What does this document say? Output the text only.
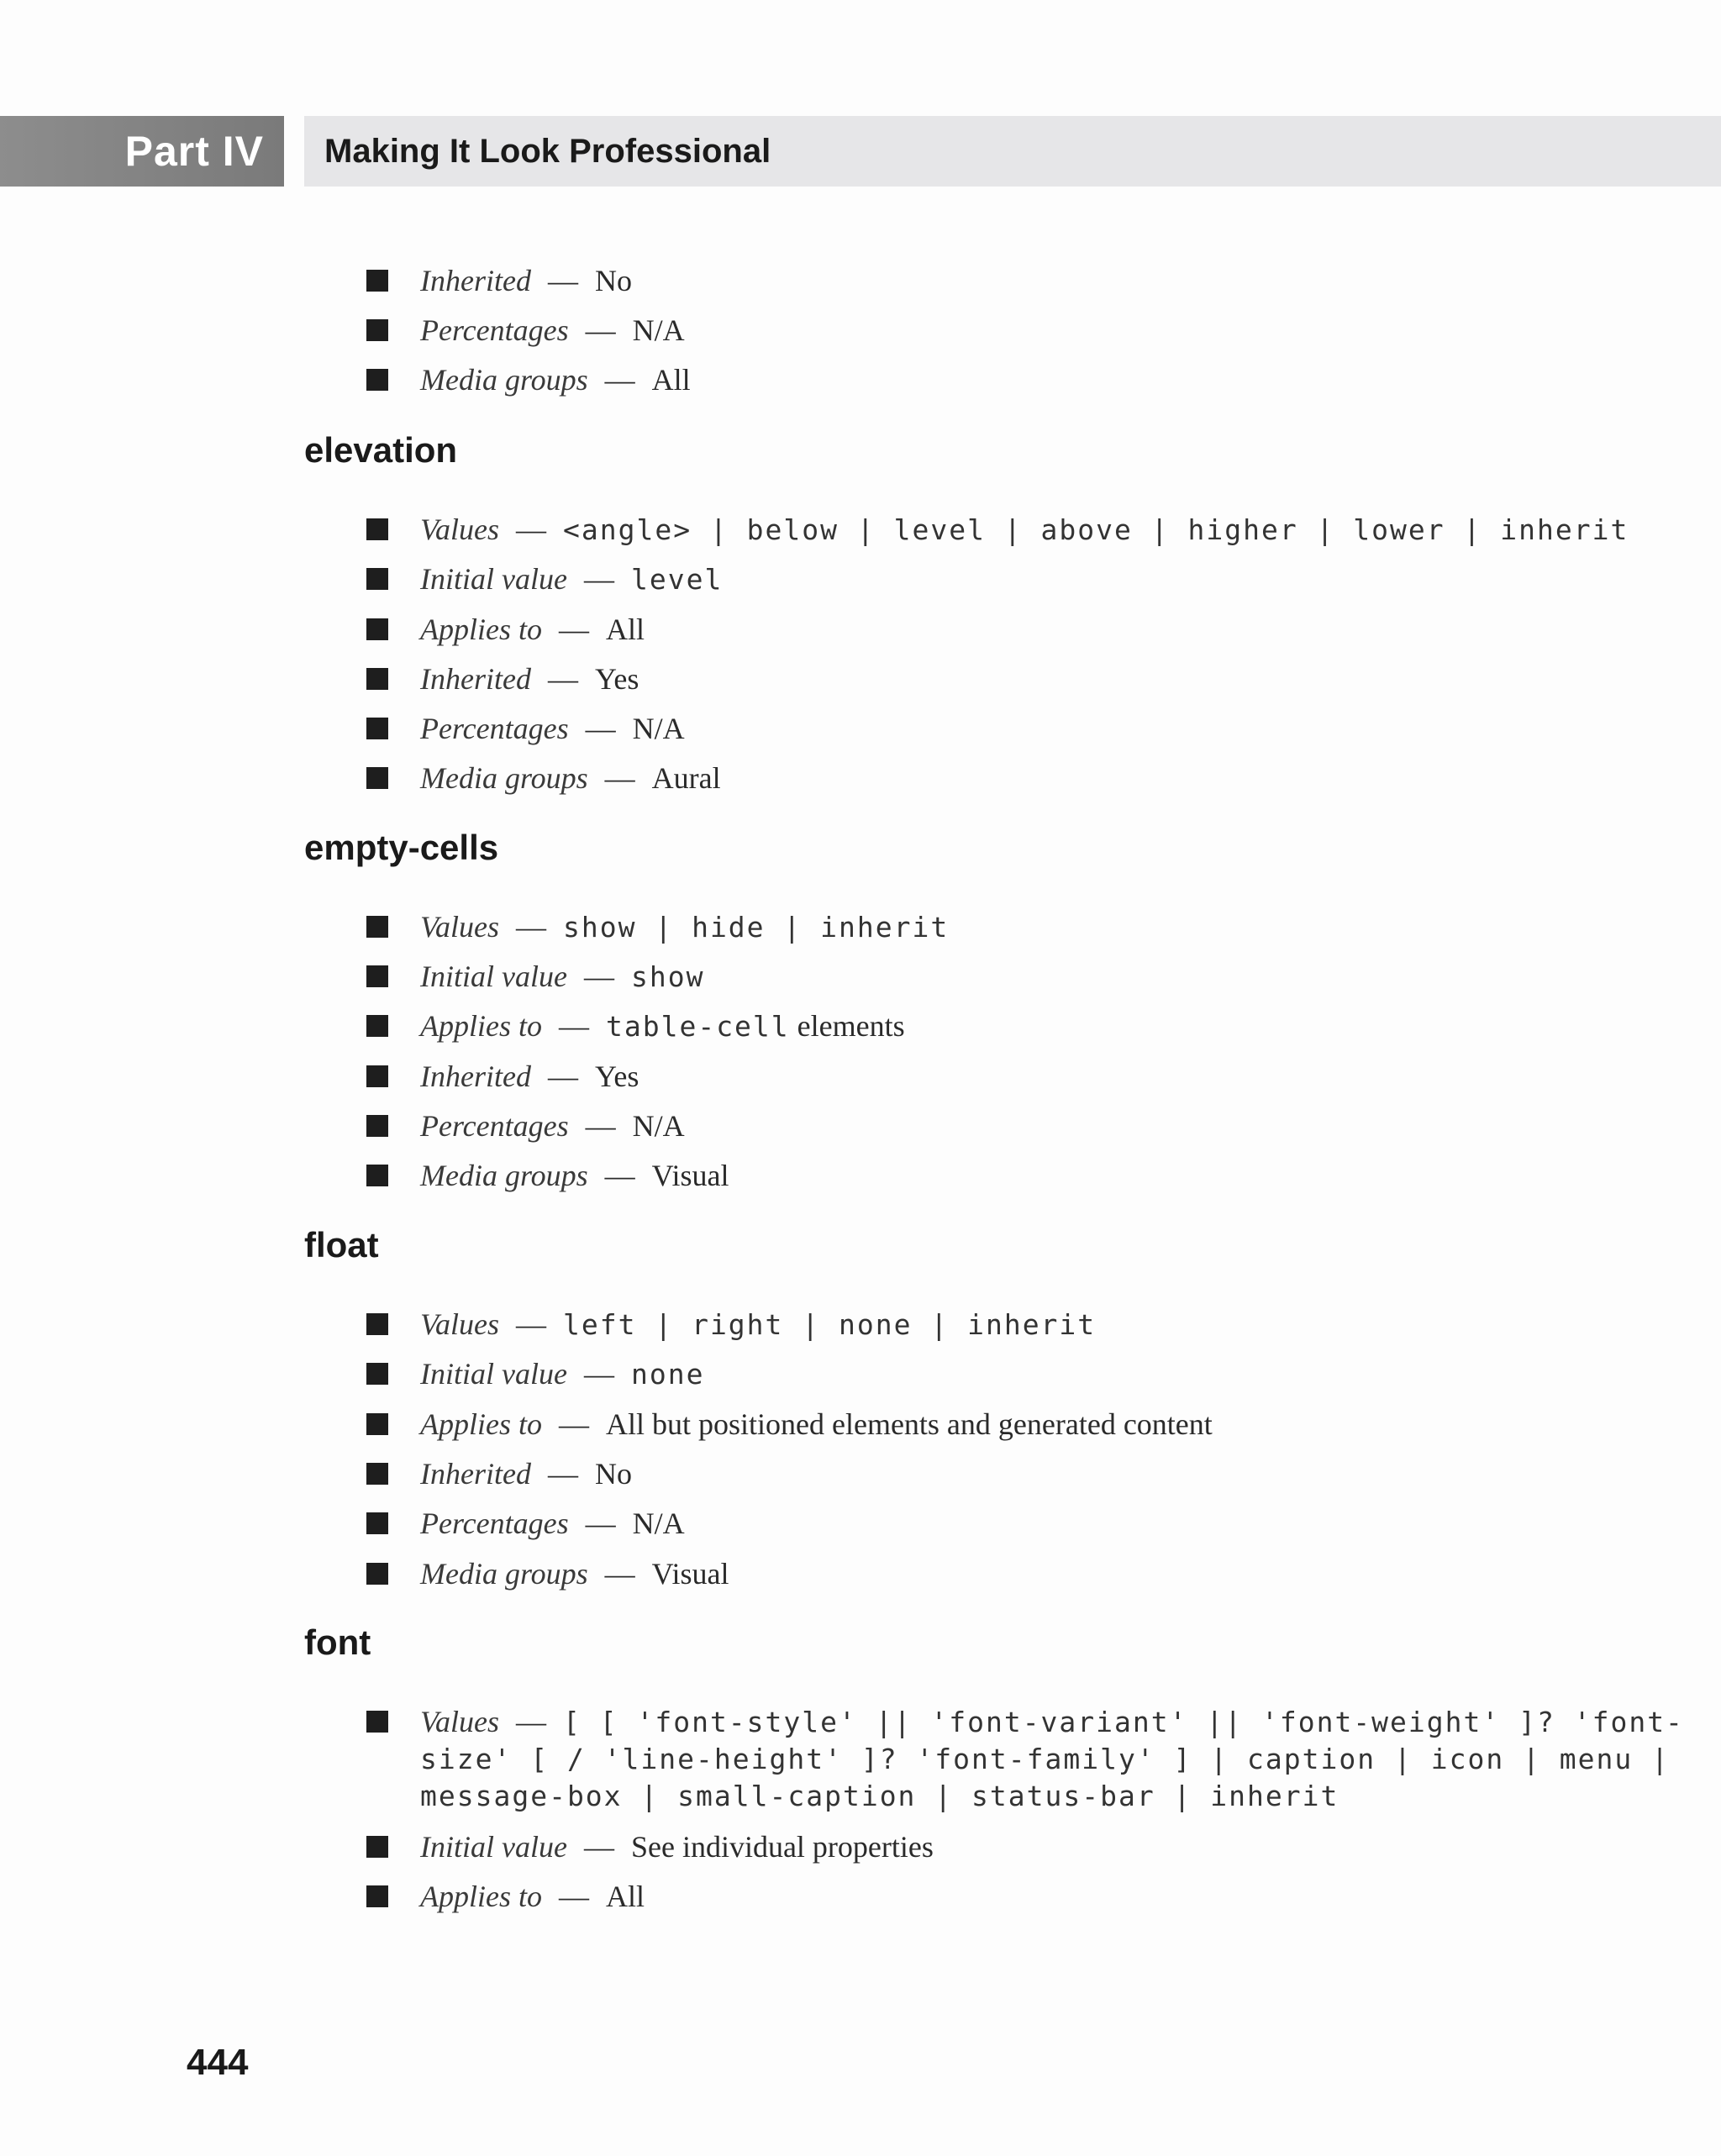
Part IV	Making It Look Professional
Inherited — No
Percentages — N/A
Media groups — All
elevation
Values — <angle> | below | level | above | higher | lower | inherit
Initial value — level
Applies to — All
Inherited — Yes
Percentages — N/A
Media groups — Aural
empty-cells
Values — show | hide | inherit
Initial value — show
Applies to — table-cell elements
Inherited — Yes
Percentages — N/A
Media groups — Visual
float
Values — left | right | none | inherit
Initial value — none
Applies to — All but positioned elements and generated content
Inherited — No
Percentages — N/A
Media groups — Visual
font
Values — [ [ 'font-style' || 'font-variant' || 'font-weight' ]? 'font-
size' [ / 'line-height' ]? 'font-family' ] | caption | icon | menu |
message-box | small-caption | status-bar | inherit
Initial value — See individual properties
Applies to — All
444
